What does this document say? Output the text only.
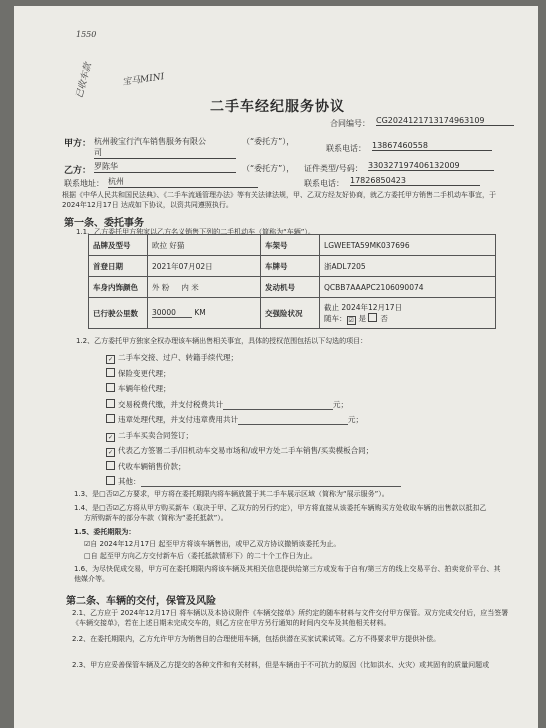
1550
已收车款	宝马MINI
二手车经纪服务协议
合同编号： CG20241217131749631​09
甲方： 杭州骏宝行汽车销售服务有限公
司
（“委托方”），
联系电话： 13867460558
乙方： 罗陈华	（“委托方”）， 证件类型/号码： 330327197406132009
联系地址： 杭州	联系电话： 17826850423
根据《中华人民共和国民法典》、《二手车流通管理办法》等有关法律法规，甲、乙双方经友好协商，就乙方委托甲方销售二手机动车事宜，于 2024年12月17日 达成如下协议，以资共同遵照执行。
第一条、委托事务
1.1、乙方委托甲方独家以乙方名义销售下列的二手机动车（简称为“车辆”）。
品牌及型号	欧拉 好猫	车架号	LGWEETA59MK037696
首登日期	2021年07月02日	车牌号	浙ADL7205
车身内饰颜色	外 粉 内 米	发动机号	QCBB7AAAPC2106090074
已行驶公里数	30000 KM	交强险状况	截止 2024年12月17日
随车： ☑ 是 否
1.2、乙方委托甲方独家全权办理该车辆出售相关事宜，具体的授权范围包括以下勾选的项目：
1.3、是□否☑乙方要求，甲方将在委托期限内将车辆放置于其二手车展示区域（简称为“展示服务”）。
1.4、是□否☑乙方将从甲方购买新车（取决于甲、乙双方的另行约定），甲方将直接从该委托车辆购买方处收取车辆的出售款以抵扣乙
方所购新车的部分车款（简称为“委托抵款”）。
1.5、委托期限为：
☑自 2024年12月17日 起至甲方将该车辆售出，或甲乙双方协议撤销该委托为止。
□自 起至甲方向乙方交付新车后（委托抵款情形下）的二十个工作日为止。
1.6、为尽快促成交易，甲方可在委托期限内将该车辆及其相关信息提供给第三方或发布于自有/第三方的线上交易平台、拍卖竞价平台、其他媒介等。
第二条、车辆的交付，保管及风险
2.1、乙方应于 2024年12月17日 将车辆以及本协议附件《车辆交接单》所约定的随车材料与文件交付甲方保管。双方完成交付后，应当签署《车辆交接单》，若在上述日期未完成交车的，则乙方应在甲方另行通知的时间内交车及其他相关材料。
2.2、在委托期限内，乙方允许甲方为销售目的合理使用车辆，包括供潜在买家试乘试驾。乙方不得要求甲方提供补偿。
2.3、甲方应妥善保管车辆及乙方提交的各种文件和有关材料，但是车辆由于不可抗力的原因（比如洪水、火灾）或其固有的质量问题或
✓ 二手车交接、过户、转籍手续代理；
保险变更代理；
车辆年检代理；
交易税费代缴，并支付税费共计	元；
违章处理代理，并支付违章费用共计	元；
✓ 二手车买卖合同签订；
✓ 代表乙方签署二手/旧机动车交易市场和/或甲方处二手车销售/买卖模板合同；
代收车辆销售价款；
其他：
